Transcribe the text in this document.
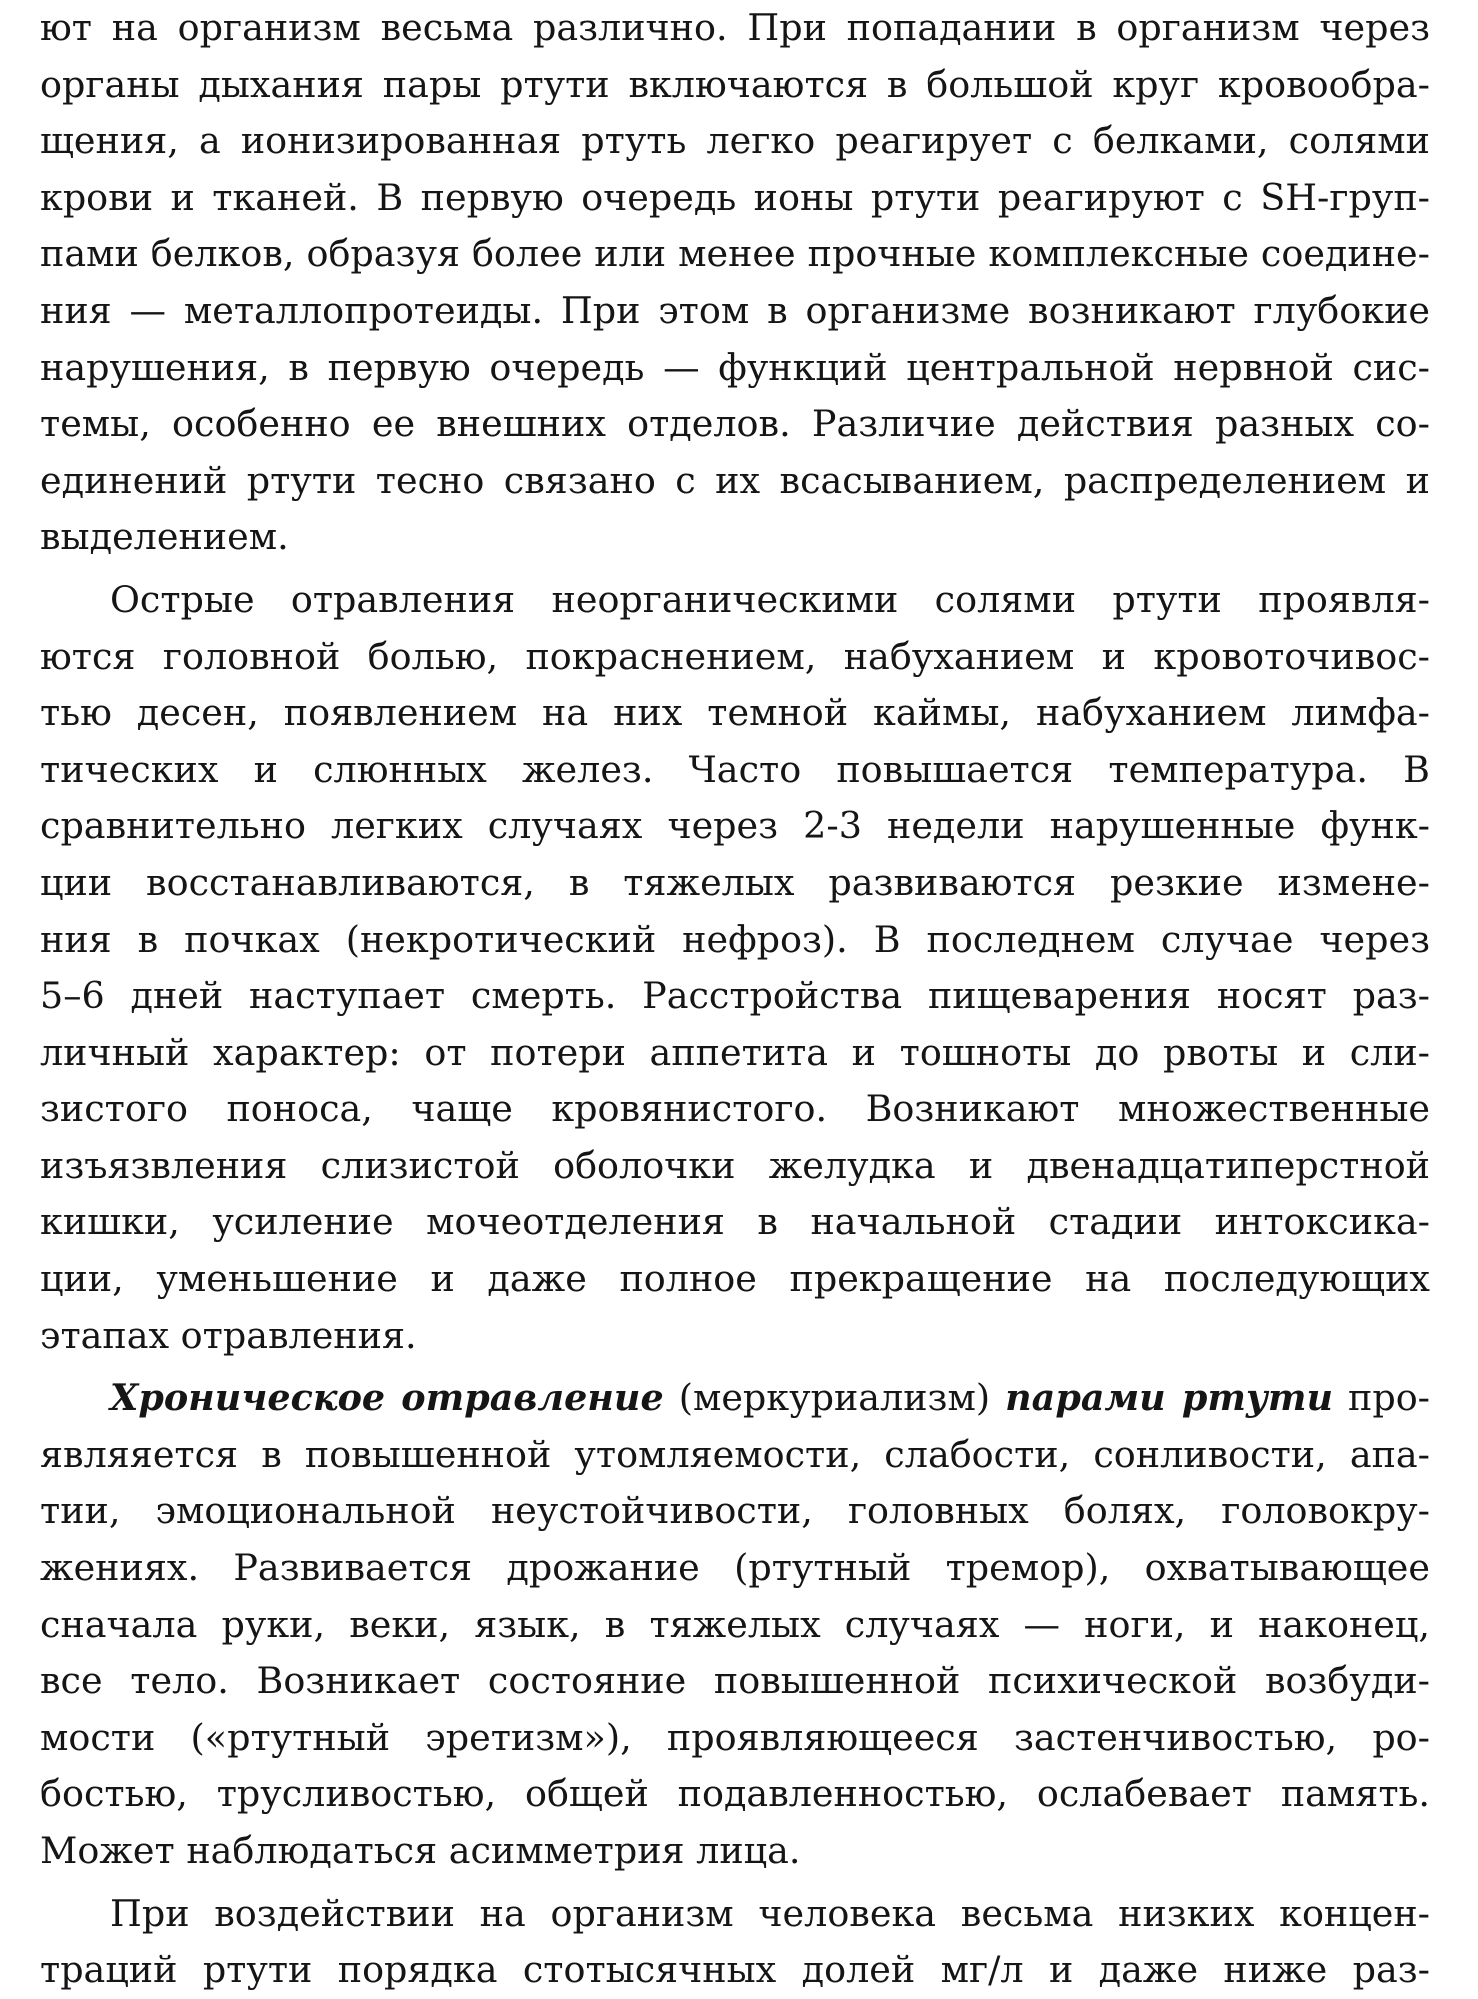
ют на организм весьма различно. При попадании в организм через
органы дыхания пары ртути включаются в большой круг кровообра-
щения, а ионизированная ртуть легко реагирует с белками, солями
крови и тканей. В первую очередь ионы ртути реагируют с SH-груп-
пами белков, образуя более или менее прочные комплексные соедине-
ния — металлопротеиды. При этом в организме возникают глубокие
нарушения, в первую очередь — функций центральной нервной сис-
темы, особенно ее внешних отделов. Различие действия разных со-
единений ртути тесно связано с их всасыванием, распределением и
выделением.
Острые отравления неорганическими солями ртути проявля-
ются головной болью, покраснением, набуханием и кровоточивос-
тью десен, появлением на них темной каймы, набуханием лимфа-
тических и слюнных желез. Часто повышается температура. В
сравнительно легких случаях через 2-3 недели нарушенные функ-
ции восстанавливаются, в тяжелых развиваются резкие измене-
ния в почках (некротический нефроз). В последнем случае через
5–6 дней наступает смерть. Расстройства пищеварения носят раз-
личный характер: от потери аппетита и тошноты до рвоты и сли-
зистого поноса, чаще кровянистого. Возникают множественные
изъязвления слизистой оболочки желудка и двенадцатиперстной
кишки, усиление мочеотделения в начальной стадии интоксика-
ции, уменьшение и даже полное прекращение на последующих
этапах отравления.
Хроническое отравление (меркуриализм) парами ртути про-
являяется в повышенной утомляемости, слабости, сонливости, апа-
тии, эмоциональной неустойчивости, головных болях, головокру-
жениях. Развивается дрожание (ртутный тремор), охватывающее
сначала руки, веки, язык, в тяжелых случаях — ноги, и наконец,
все тело. Возникает состояние повышенной психической возбуди-
мости («ртутный эретизм»), проявляющееся застенчивостью, ро-
бостью, трусливостью, общей подавленностью, ослабевает память.
Может наблюдаться асимметрия лица.
При воздействии на организм человека весьма низких концен-
траций ртути порядка стотысячных долей мг/л и даже ниже раз-
